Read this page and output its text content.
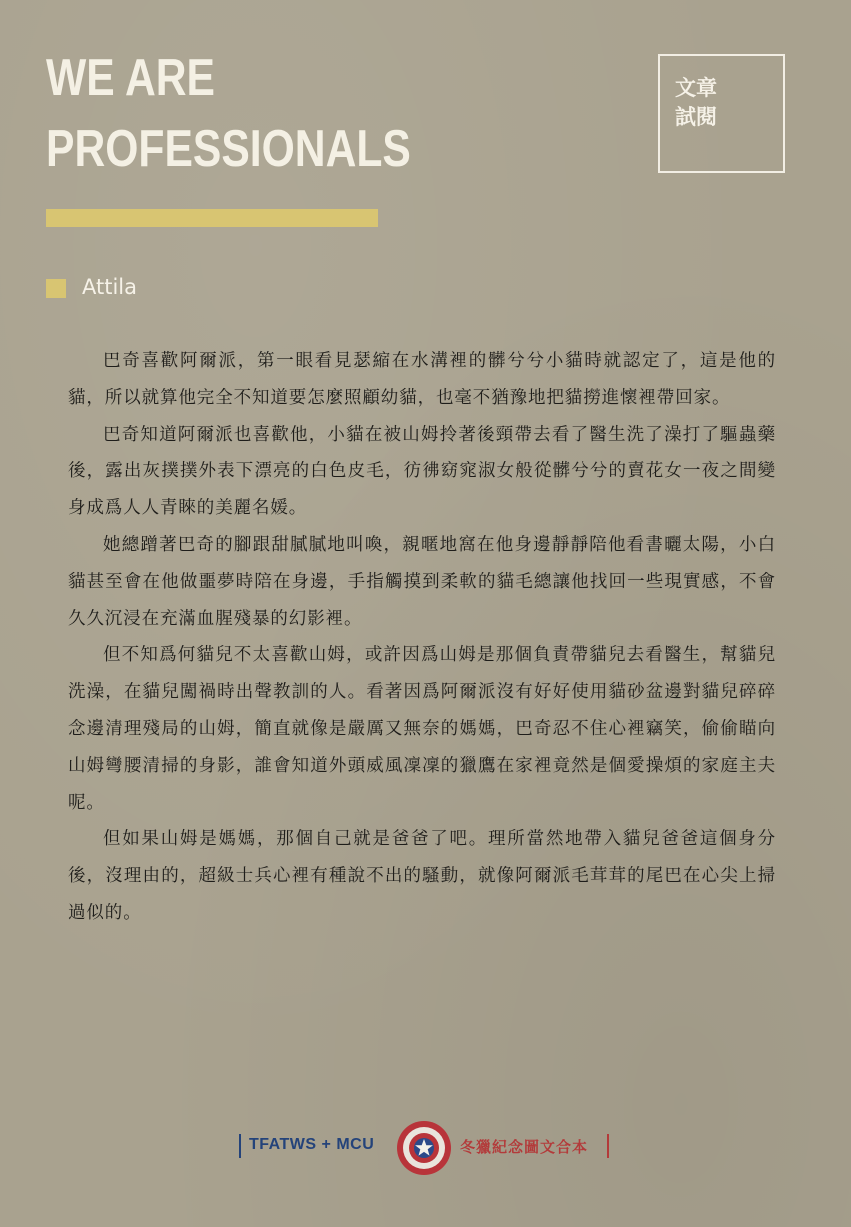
WE ARE
PROFESSIONALS
文章
試閱
Attila

巴奇喜歡阿爾派，第一眼看見瑟縮在水溝裡的髒兮兮小貓時就認定了，這是他的貓，所以就算他完全不知道要怎麼照顧幼貓，也毫不猶豫地把貓撈進懷裡帶回家。

巴奇知道阿爾派也喜歡他，小貓在被山姆拎著後頸帶去看了醫生洗了澡打了驅蟲藥後，露出灰撲撲外表下漂亮的白色皮毛，彷彿窈窕淑女般從髒兮兮的賣花女一夜之間變身成爲人人青睞的美麗名媛。

她總蹭著巴奇的腳跟甜膩膩地叫喚，親暱地窩在他身邊靜靜陪他看書曬太陽，小白貓甚至會在他做噩夢時陪在身邊，手指觸摸到柔軟的貓毛總讓他找回一些現實感，不會久久沉浸在充滿血腥殘暴的幻影裡。

但不知爲何貓兒不太喜歡山姆，或許因爲山姆是那個負責帶貓兒去看醫生，幫貓兒洗澡，在貓兒闖禍時出聲教訓的人。看著因爲阿爾派沒有好好使用貓砂盆邊對貓兒碎碎念邊清理殘局的山姆，簡直就像是嚴厲又無奈的媽媽，巴奇忍不住心裡竊笑，偷偷瞄向山姆彎腰清掃的身影，誰會知道外頭威風凜凜的獵鷹在家裡竟然是個愛操煩的家庭主夫呢。

但如果山姆是媽媽，那個自己就是爸爸了吧。理所當然地帶入貓兒爸爸這個身分後，沒理由的，超級士兵心裡有種說不出的騷動，就像阿爾派毛茸茸的尾巴在心尖上掃過似的。

TFATWS + MCU	冬獵紀念圖文合本
